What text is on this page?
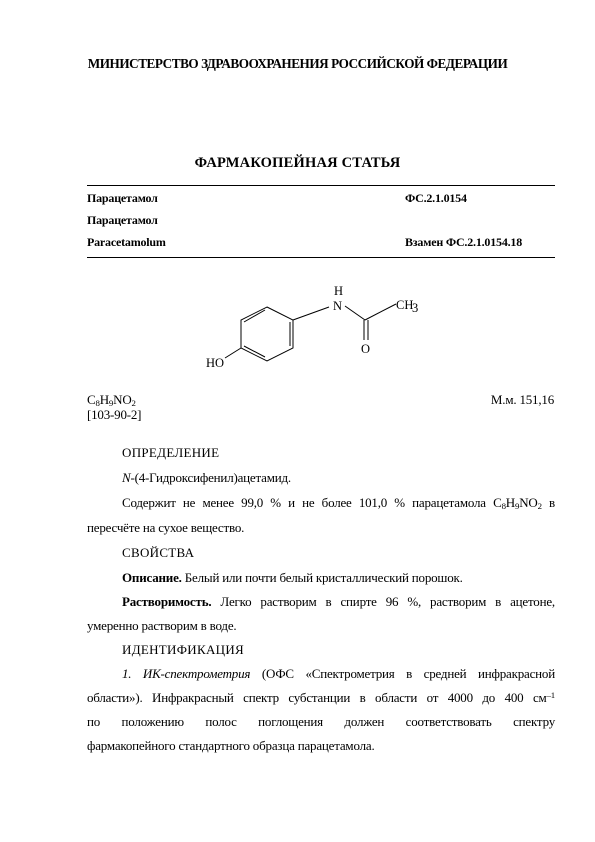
МИНИСТЕРСТВО ЗДРАВООХРАНЕНИЯ РОССИЙСКОЙ ФЕДЕРАЦИИ
ФАРМАКОПЕЙНАЯ СТАТЬЯ
Парацетамол	ФС.2.1.0154
Парацетамол
Paracetamolum	Взамен ФС.2.1.0154.18
H
N	CH
3
O
HO
$C_8H_9NO_2$	М.м. 151,16
[103-90-2]
ОПРЕДЕЛЕНИЕ
N-(4-Гидроксифенил)ацетамид.
Содержит не менее 99,0 % и не более 101,0 % парацетамола $C_8H_9NO_2$ в
пересчёте на сухое вещество.
СВОЙСТВА
Описание. Белый или почти белый кристаллический порошок.
Растворимость. Легко растворим в спирте 96 %, растворим в ацетоне,
умеренно растворим в воде.
ИДЕНТИФИКАЦИЯ
1. ИК-спектрометрия (ОФС «Спектрометрия в средней инфракрасной
области»). Инфракрасный спектр субстанции в области от 4000 до 400 $см^{-1}$
по положению полос поглощения должен соответствовать спектру
фармакопейного стандартного образца парацетамола.
